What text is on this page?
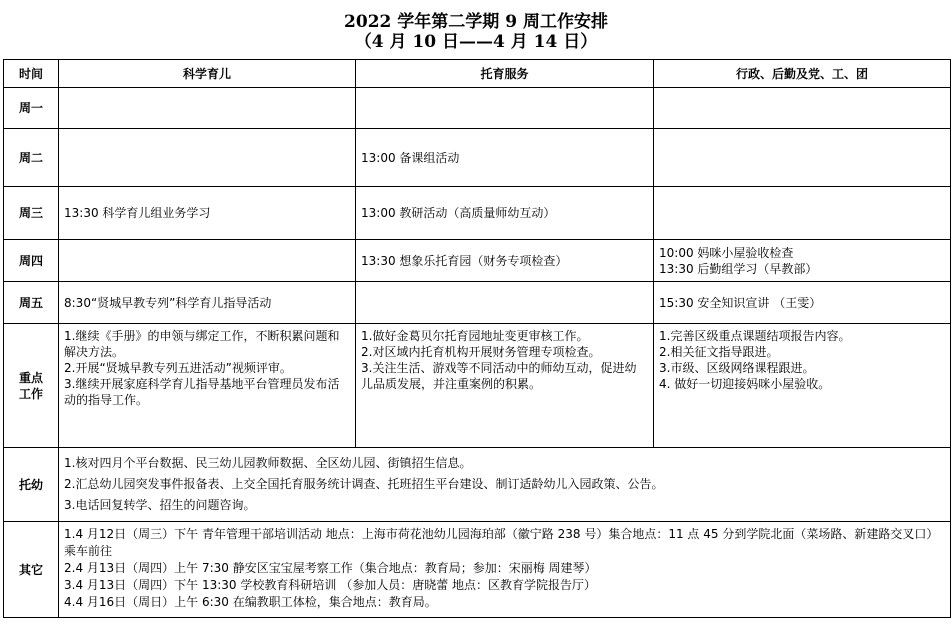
2022 学年第二学期 9 周工作安排
（4 月 10 日——4 月 14 日）
时间	科学育儿	托育服务	行政、后勤及党、工、团
周一			
周二		13:00 备课组活动	

周三	13:30 科学育儿组业务学习	13:00 教研活动（高质量师幼互动）	

周四		13:30 想象乐托育园（财务专项检查）	10:00 妈咪小屋验收检查
13:30 后勤组学习（早教部）

周五	8:30“贤城早教专列”科学育儿指导活动		15:30 安全知识宣讲 （王雯）

重点工作	1.继续《手册》的申领与绑定工作，不断积累问题和解决方法。
2.开展“贤城早教专列五进活动”视频评审。
3.继续开展家庭科学育儿指导基地平台管理员发布活动的指导工作。	1.做好金葛贝尔托育园地址变更审核工作。
2.对区域内托育机构开展财务管理专项检查。
3.关注生活、游戏等不同活动中的师幼互动，促进幼儿品质发展，并注重案例的积累。	1.完善区级重点课题结项报告内容。
2.相关征文指导跟进。
3.市级、区级网络课程跟进。
4. 做好一切迎接妈咪小屋验收。

托幼	1.核对四月个平台数据、民三幼儿园教师数据、全区幼儿园、街镇招生信息。
2.汇总幼儿园突发事件报备表、上交全国托育服务统计调查、托班招生平台建设、制订适龄幼儿入园政策、公告。
3.电话回复转学、招生的问题咨询。		

其它	1.4 月12日（周三）下午 青年管理干部培训活动 地点：上海市荷花池幼儿园海珀部（徽宁路 238 号）集合地点：11 点 45 分到学院北面（菜场路、新建路交叉口）乘车前往
2.4 月13日（周四）上午 7:30 静安区宝宝屋考察工作（集合地点：教育局；参加：宋丽梅 周建琴）
3.4 月13日（周四）下午 13:30 学校教育科研培训 （参加人员：唐晓蕾 地点：区教育学院报告厅）
4.4 月16日（周日）上午 6:30 在编教职工体检，集合地点：教育局。		
